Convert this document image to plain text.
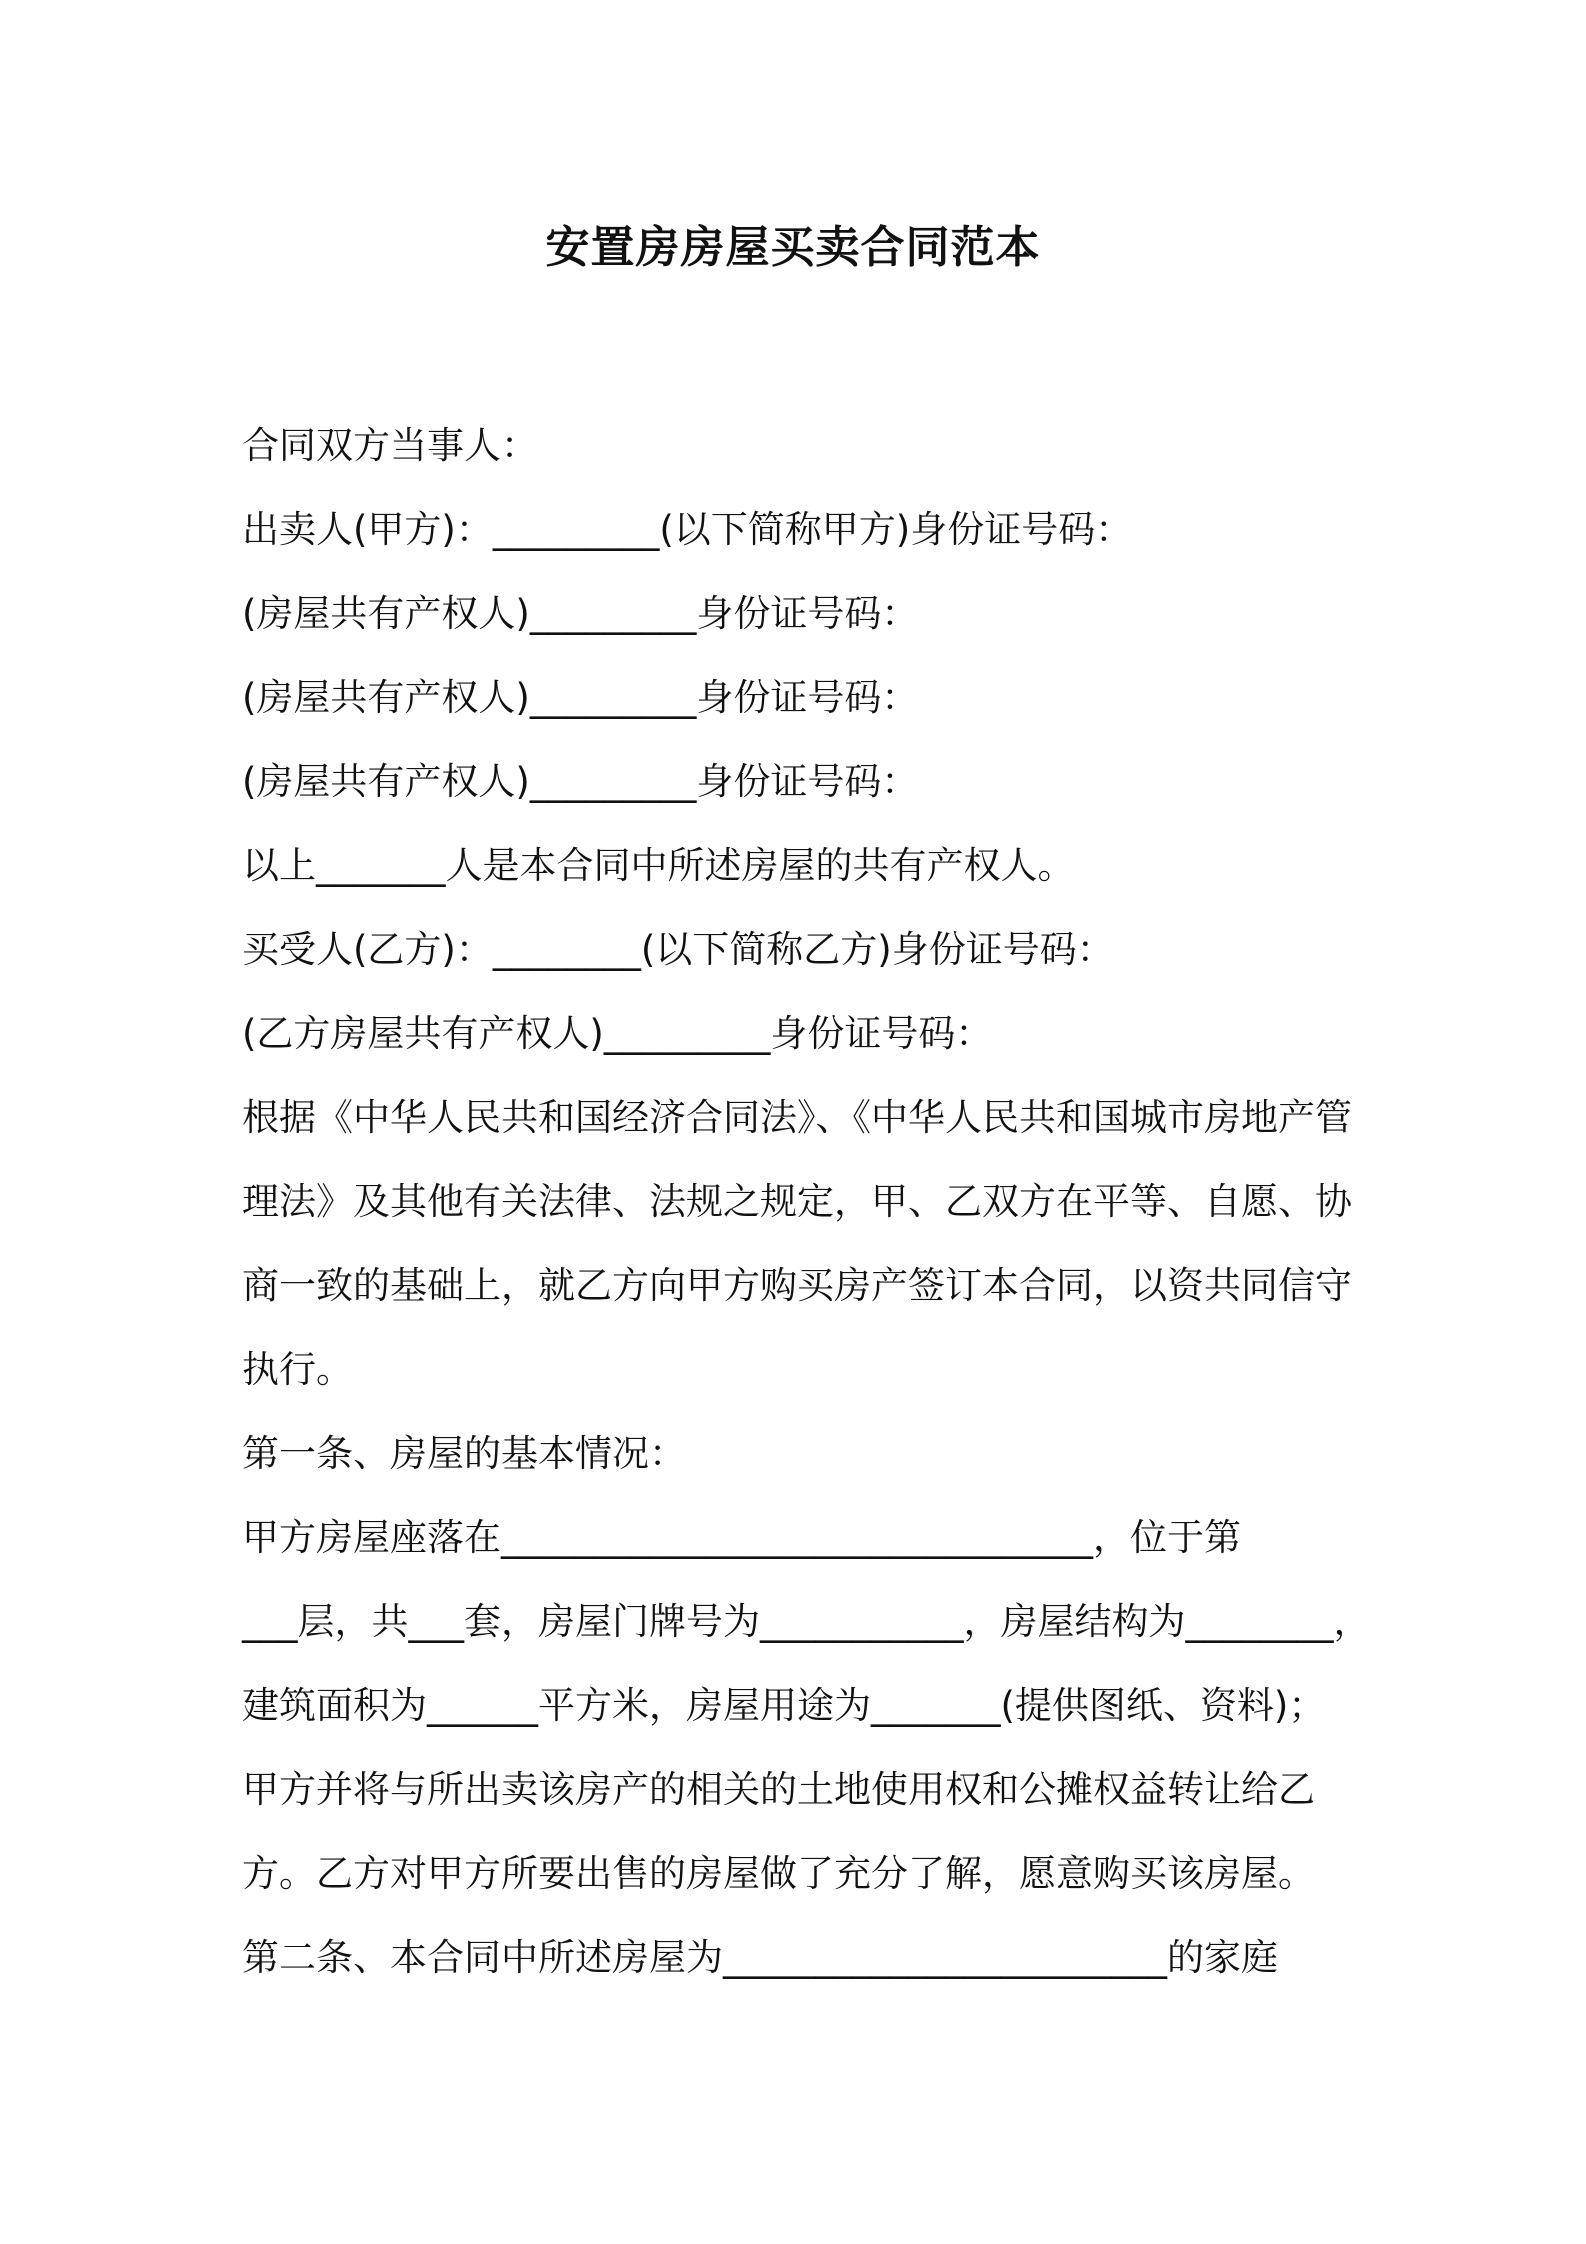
安置房房屋买卖合同范本
合同双方当事人：
出卖人(甲方)：_________(以下简称甲方)身份证号码：
(房屋共有产权人)_________身份证号码：
(房屋共有产权人)_________身份证号码：
(房屋共有产权人)_________身份证号码：
以上_______人是本合同中所述房屋的共有产权人。
买受人(乙方)：________(以下简称乙方)身份证号码：
(乙方房屋共有产权人)_________身份证号码：
根据《中华人民共和国经济合同法》、《中华人民共和国城市房地产管
理法》及其他有关法律、法规之规定，甲、乙双方在平等、自愿、协
商一致的基础上，就乙方向甲方购买房产签订本合同，以资共同信守
执行。
第一条、房屋的基本情况：
甲方房屋座落在________________________________，位于第
___层，共___套，房屋门牌号为___________，房屋结构为________，
建筑面积为______平方米，房屋用途为_______(提供图纸、资料)；
甲方并将与所出卖该房产的相关的土地使用权和公摊权益转让给乙
方。乙方对甲方所要出售的房屋做了充分了解，愿意购买该房屋。
第二条、本合同中所述房屋为________________________的家庭
